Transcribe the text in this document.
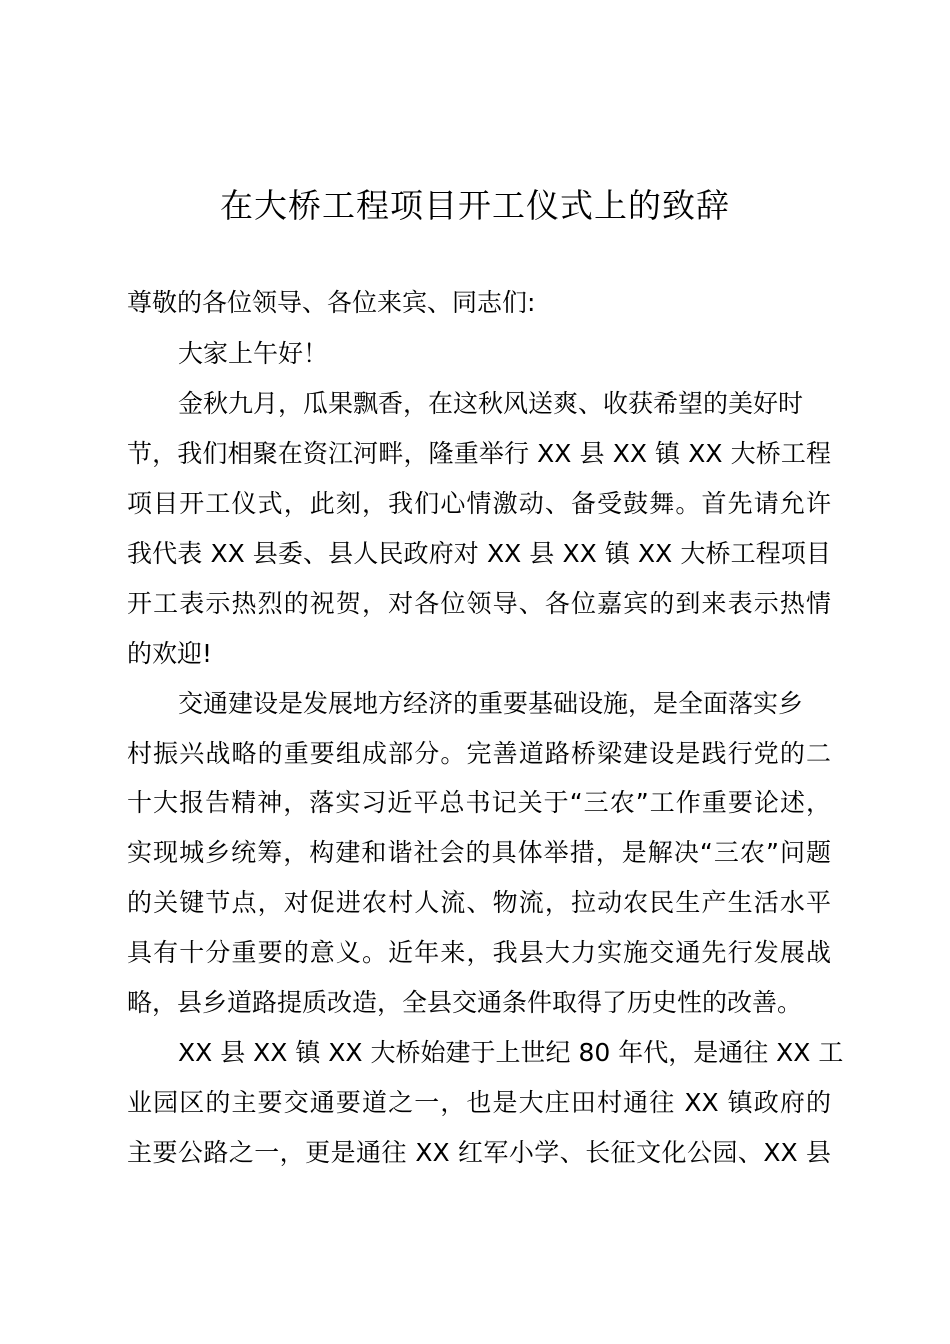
在大桥工程项目开工仪式上的致辞
尊敬的各位领导、各位来宾、同志们:
大家上午好！
金秋九月，瓜果飘香，在这秋风送爽、收获希望的美好时
节，我们相聚在资江河畔，隆重举行 XX 县 XX 镇 XX 大桥工程
项目开工仪式，此刻，我们心情激动、备受鼓舞。首先请允许
我代表 XX 县委、县人民政府对 XX 县 XX 镇 XX 大桥工程项目
开工表示热烈的祝贺，对各位领导、各位嘉宾的到来表示热情
的欢迎!
交通建设是发展地方经济的重要基础设施，是全面落实乡
村振兴战略的重要组成部分。完善道路桥梁建设是践行党的二
十大报告精神，落实习近平总书记关于“三农”工作重要论述，
实现城乡统筹，构建和谐社会的具体举措，是解决“三农”问题
的关键节点，对促进农村人流、物流，拉动农民生产生活水平
具有十分重要的意义。近年来，我县大力实施交通先行发展战
略，县乡道路提质改造，全县交通条件取得了历史性的改善。
XX 县 XX 镇 XX 大桥始建于上世纪 80 年代，是通往 XX 工
业园区的主要交通要道之一，也是大庄田村通往 XX 镇政府的
主要公路之一，更是通往 XX 红军小学、长征文化公园、XX 县
